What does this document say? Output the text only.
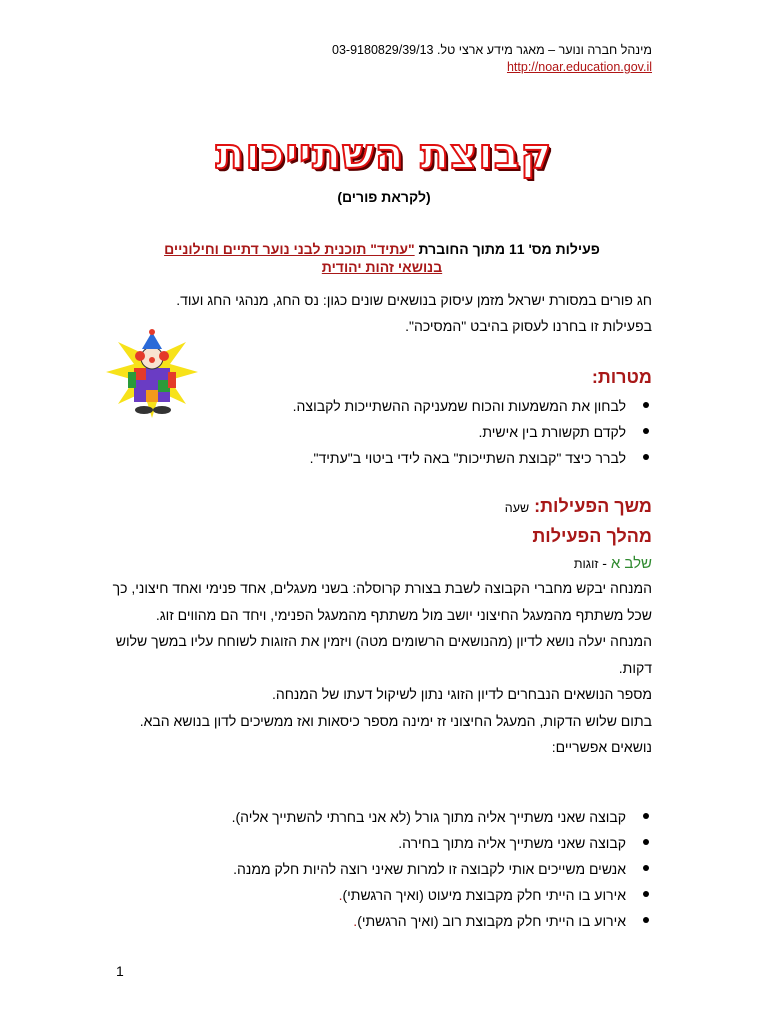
מינהל חברה ונוער – מאגר מידע ארצי טל. 03-9180829/39/13
http://noar.education.gov.il
קבוצת השתייכות
(לקראת פורים)
פעילות מס' 11 מתוך החוברת "עתיד" תוכנית לבני נוער דתיים וחילוניים
בנושאי זהות יהודית
חג פורים במסורת ישראל מזמן עיסוק בנושאים שונים כגון: נס החג, מנהגי החג ועוד.
בפעילות זו בחרנו לעסוק בהיבט "המסיכה".
מטרות:
לבחון את המשמעות והכוח שמעניקה ההשתייכות לקבוצה.
לקדם תקשורת בין אישית.
לברר כיצד "קבוצת השתייכות" באה לידי ביטוי ב"עתיד".
משך הפעילות: שעה
מהלך הפעילות
שלב א - זוגות
המנחה יבקש מחברי הקבוצה לשבת בצורת קרוסלה: בשני מעגלים, אחד פנימי ואחד חיצוני, כך שכל משתתף מהמעגל החיצוני יושב מול משתתף מהמעגל הפנימי, ויחד הם מהווים זוג.
המנחה יעלה נושא לדיון (מהנושאים הרשומים מטה) ויזמין את הזוגות לשוחח עליו במשך שלוש דקות.
מספר הנושאים הנבחרים לדיון הזוגי נתון לשיקול דעתו של המנחה.
בתום שלוש הדקות, המעגל החיצוני זז ימינה מספר כיסאות ואז ממשיכים לדון בנושא הבא.
נושאים אפשריים:
קבוצה שאני משתייך אליה מתוך גורל (לא אני בחרתי להשתייך אליה).
קבוצה שאני משתייך אליה מתוך בחירה.
אנשים משייכים אותי לקבוצה זו למרות שאיני רוצה להיות חלק ממנה.
אירוע בו הייתי חלק מקבוצת מיעוט (ואיך הרגשתי).
אירוע בו הייתי חלק מקבוצת רוב (ואיך הרגשתי).
1
